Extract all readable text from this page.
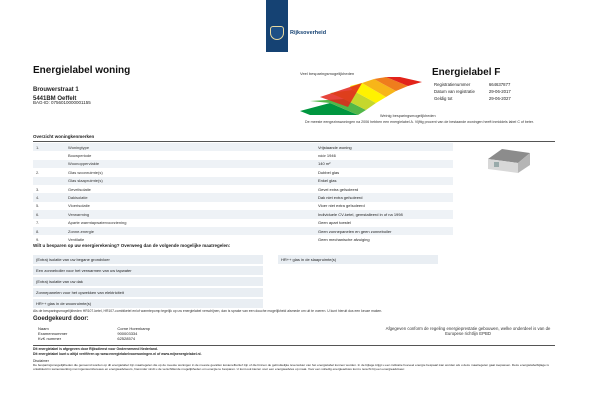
Rijksoverheid
Energielabel woning
Brouwerstraat 1
5441BM Oeffelt
BAG-ID: 0756010000001155
Veel besparingsmogelijkheden
Weinig besparingsmogelijkheden
Energielabel F
Registratienummer	664637877
Datum van registratie	29-06-2017
Geldig tot	29-06-2027
De meeste eengezinswoningen na 2006 hebben een energielabel A. Vijftig procent van de bestaande woningen heeft inmiddels label C of beter.
Overzicht woningkenmerken
1.	Woningtype	Vrijstaande woning
	Bouwperiode	vóór 1946
	Woonoppervlakte	140 m²
2.	Glas woonruimte(s)	Dubbel glas
	Glas slaapruimte(s)	Enkel glas
3.	Gevelisolatie	Gevel extra geïsoleerd
4.	Dakisolatie	Dak niet extra geïsoleerd
5.	Vloerisolatie	Vloer niet extra geïsoleerd
6.	Verwarming	Individuele CV-ketel, gemstalleerd in of na 1998
7.	Aparte warmtapwatervoorziening	Geen apart toestel
8.	Zonne-energie	Geen zonnepanelen en geen zonneboiler
9.	Ventilatie	Geen mechanische afzuiging
Wilt u besparen op uw energierekening? Overweeg dan de volgende mogelijke maatregelen:
(Extra) isolatie van uw begane grondvloer
Een zonneboiler voor het verwarmen van uw tapwater
(Extra) isolatie van uw dak
Zonnepanelen voor het opwekken van elektriciteit
HR++ glas in de woonruimte(s)
HR++ glas in de slaapruimte(s)
Als de besparingsmogelijkheden HR107-ketel, HR107-combiketel en/of warmtepomp tegelijk op uw energielabel verschijnen, dan is sprake van een douche mogelijkheid alsmede om uit te voeren. U kunt hieruit dus een keuze maken.
Goedgekeurd door:
Naam	Corne Horenkamp
Examennummer	900003334
KvK nummer	62528574
Afgegeven conform de regeling energieprestatie gebouwen, welke onderdeel is van de Europese richtlijn EPBD
Dit energielabel is afgegeven door Rijksdienst voor Ondernemend Nederland.
Dit energielabel kunt u altijd verifiëren op www.energielabelvoorwoningen.nl of www.mijnenergielabel.nl.
Disclaimer
De besparingsmogelijkheden die genoemd worden op dit energielabel zijn maatregelen die op de meeste woningen in de meeste gevallen kosteneffectief zijn of die binnen de gebruikelijke levensduur van het energielabel kunnen worden. In de bijlage krijgt u een indicatie hoeveel energie bespaart kan worden als u deze maatregelen gaat toepassen. Deze energielabelbijlage is ontwikkeld in samenwerking met ingenieursbureaus en energieadviseurs, hieronder vindt u de verschillende mogelijkheden om energie te besparen. U kunt ook kiezen voor een energieadvies op maat. Voor een volledig energieadvies kunt u terecht bij een energieadviseur.
